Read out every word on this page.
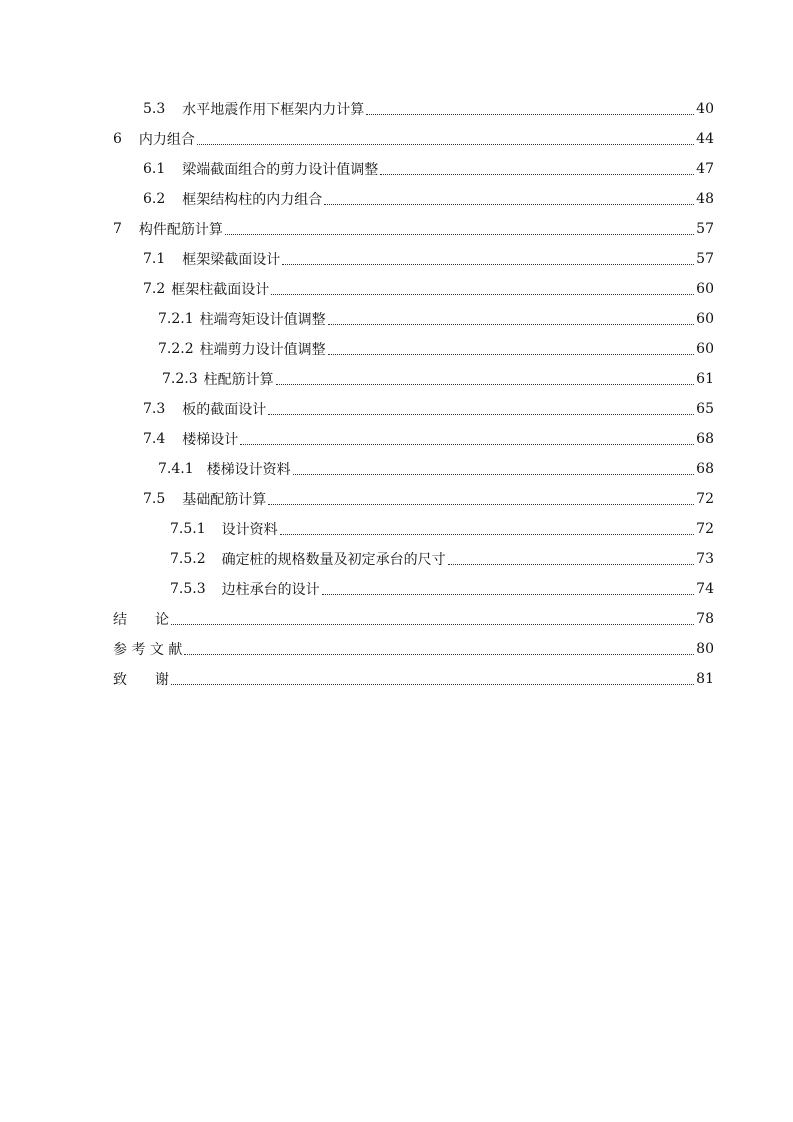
5.3 水平地震作用下框架内力计算	40
6 内力组合	44
6.1 梁端截面组合的剪力设计值调整	47
6.2 框架结构柱的内力组合	48
7 构件配筋计算	57
7.1 框架梁截面设计	57
7.2 框架柱截面设计	60
7.2.1 柱端弯矩设计值调整	60
7.2.2 柱端剪力设计值调整	60
7.2.3 柱配筋计算	61
7.3 板的截面设计	65
7.4 楼梯设计	68
7.4.1 楼梯设计资料	68
7.5 基础配筋计算	72
7.5.1 设计资料	72
7.5.2 确定桩的规格数量及初定承台的尺寸	73
7.5.3 边柱承台的设计	74
结　　论	78
参 考 文 献	80
致　　谢	81
